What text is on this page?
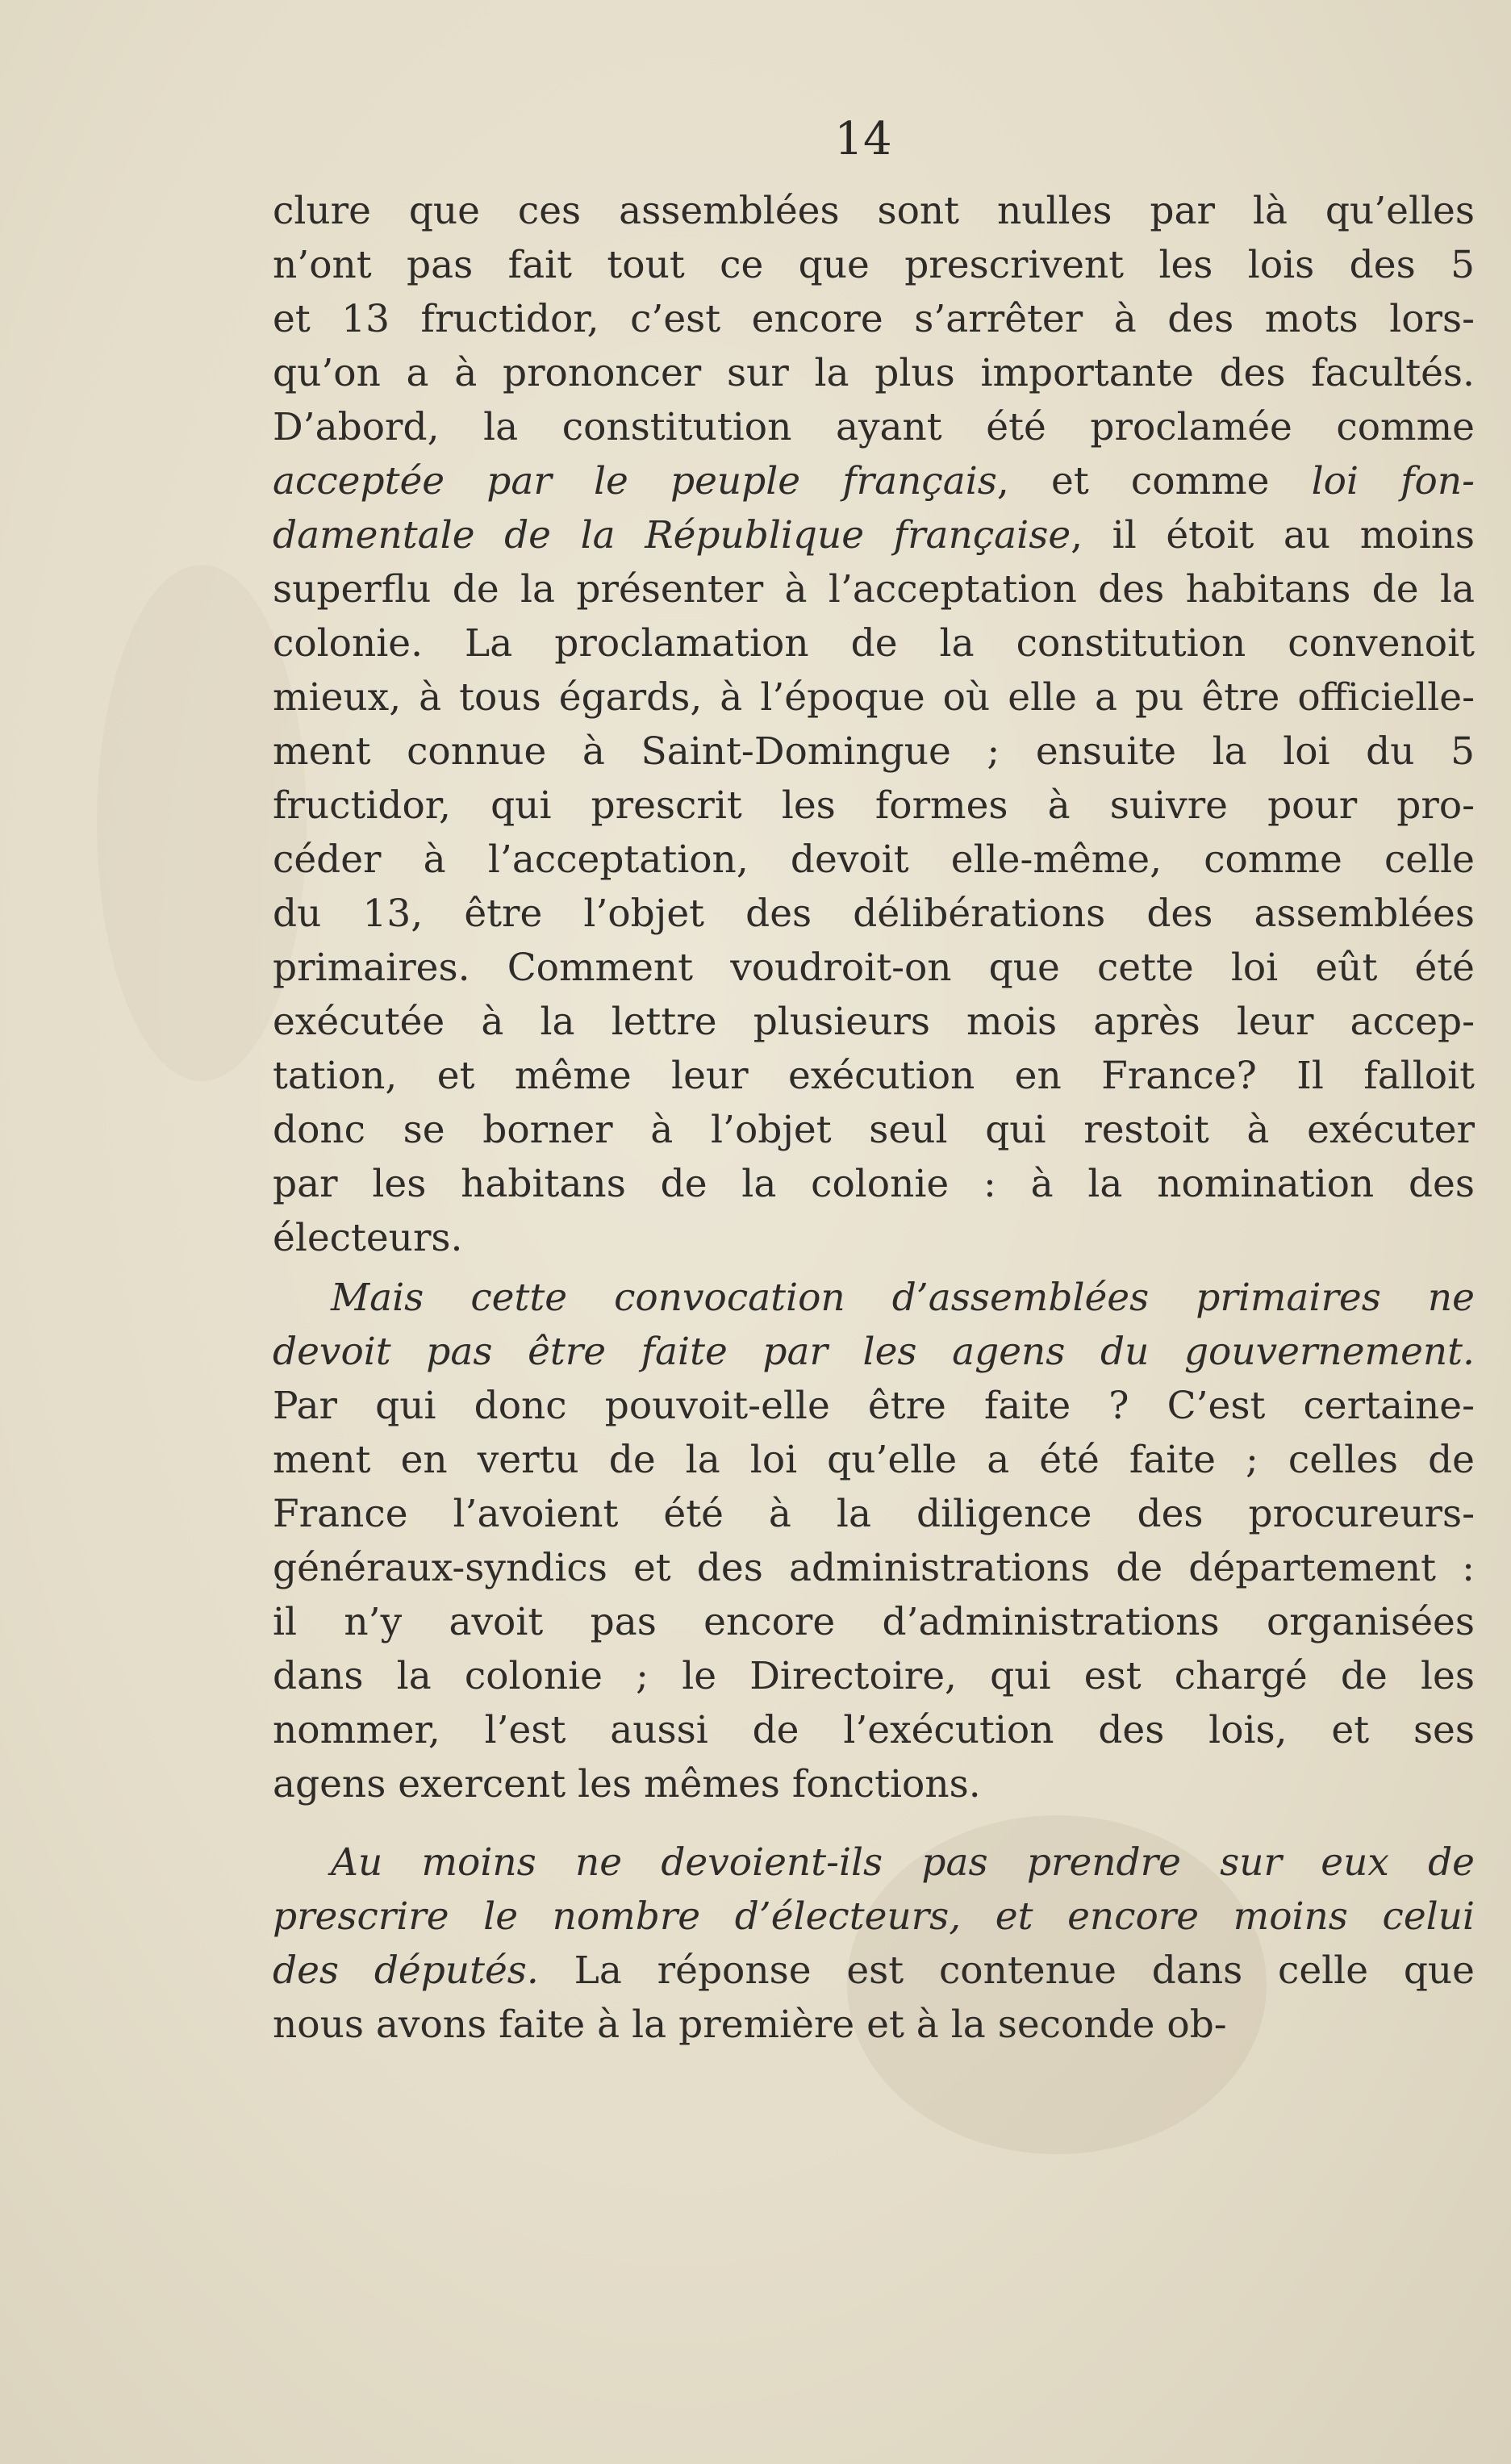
14

clure que ces assemblées sont nulles par là qu’elles
n’ont pas fait tout ce que prescrivent les lois des 5
et 13 fructidor, c’est encore s’arrêter à des mots lors-
qu’on a à prononcer sur la plus importante des facultés.
D’abord, la constitution ayant été proclamée comme
acceptée par le peuple français, et comme loi fon-
damentale de la République française, il étoit au moins
superflu de la présenter à l’acceptation des habitans de la
colonie. La proclamation de la constitution convenoit
mieux, à tous égards, à l’époque où elle a pu être officielle-
ment connue à Saint-Domingue ; ensuite la loi du 5
fructidor, qui prescrit les formes à suivre pour pro-
céder à l’acceptation, devoit elle-même, comme celle
du 13, être l’objet des délibérations des assemblées
primaires. Comment voudroit-on que cette loi eût été
exécutée à la lettre plusieurs mois après leur accep-
tation, et même leur exécution en France? Il falloit
donc se borner à l’objet seul qui restoit à exécuter
par les habitans de la colonie : à la nomination des
électeurs.
Mais cette convocation d’assemblées primaires ne
devoit pas être faite par les agens du gouvernement.
Par qui donc pouvoit-elle être faite ? C’est certaine-
ment en vertu de la loi qu’elle a été faite ; celles de
France l’avoient été à la diligence des procureurs-
généraux-syndics et des administrations de département :
il n’y avoit pas encore d’administrations organisées
dans la colonie ; le Directoire, qui est chargé de les
nommer, l’est aussi de l’exécution des lois, et ses
agens exercent les mêmes fonctions.
Au moins ne devoient-ils pas prendre sur eux de
prescrire le nombre d’électeurs, et encore moins celui
des députés. La réponse est contenue dans celle que
nous avons faite à la première et à la seconde ob-
